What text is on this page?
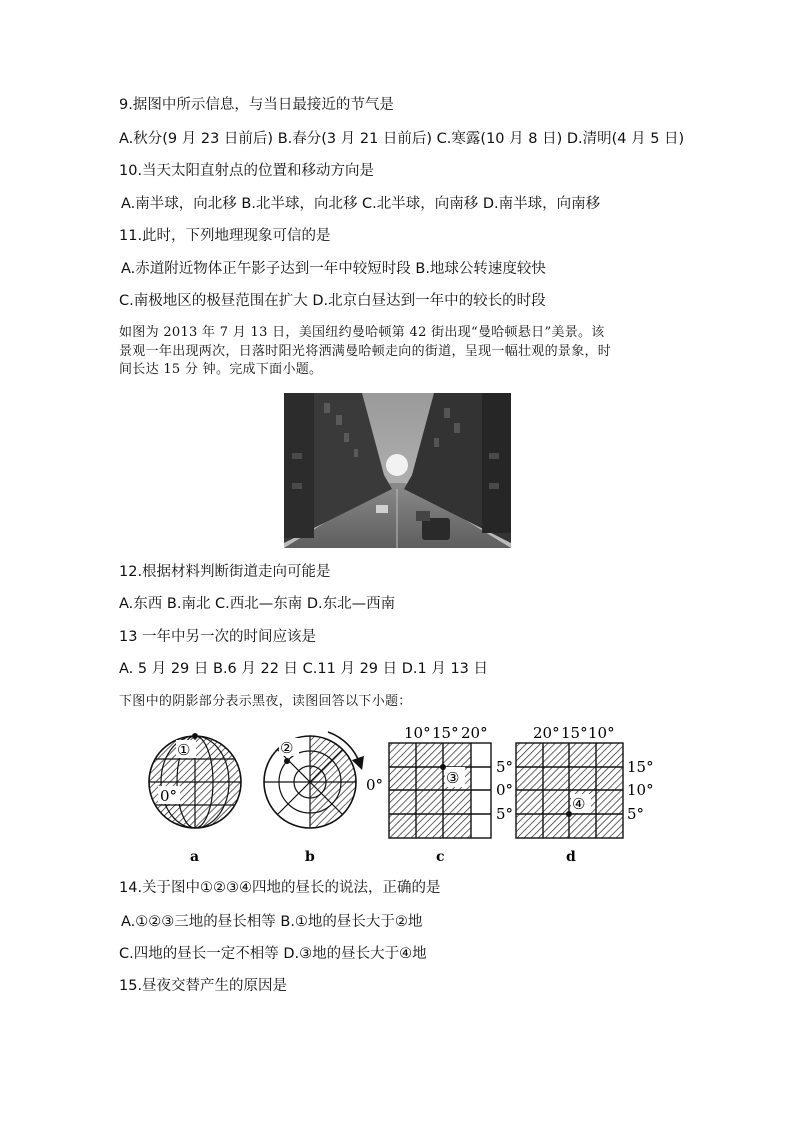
9.据图中所示信息，与当日最接近的节气是
A.秋分(9 月 23 日前后) B.春分(3 月 21 日前后) C.寒露(10 月 8 日) D.清明(4 月 5 日)
10.当天太阳直射点的位置和移动方向是
A.南半球，向北移 B.北半球，向北移 C.北半球，向南移 D.南半球，向南移
11.此时，下列地理现象可信的是
A.赤道附近物体正午影子达到一年中较短时段 B.地球公转速度较快
C.南极地区的极昼范围在扩大 D.北京白昼达到一年中的较长的时段
如图为 2013 年 7 月 13 日，美国纽约曼哈顿第 42 街出现“曼哈顿悬日”美景。该
景观一年出现两次，日落时阳光将洒满曼哈顿走向的街道，呈现一幅壮观的景象，时
间长达 15 分 钟。完成下面小题。
12.根据材料判断街道走向可能是
A.东西 B.南北 C.西北—东南 D.东北—西南
13 一年中另一次的时间应该是
A. 5 月 29 日 B.6 月 22 日 C.11 月 29 日 D.1 月 13 日
下图中的阴影部分表示黑夜，读图回答以下小题：
0°
①
a
②
0°
b
③
10° 15° 20°
5°
0°
5°
c
④
20° 15° 10°
15°
10°
5°
d
14.关于图中①②③④四地的昼长的说法，正确的是
A.①②③三地的昼长相等 B.①地的昼长大于②地
C.四地的昼长一定不相等 D.③地的昼长大于④地
15.昼夜交替产生的原因是
